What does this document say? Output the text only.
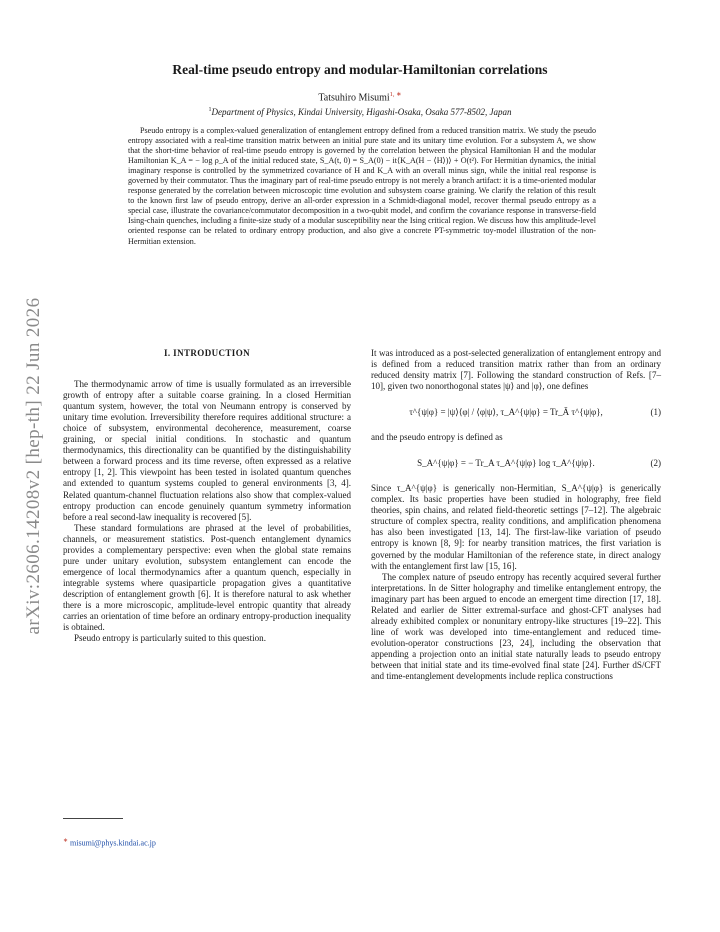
arXiv:2606.14208v2 [hep-th] 22 Jun 2026
Real-time pseudo entropy and modular-Hamiltonian correlations
Tatsuhiro Misumi$^{1, ∗}$
$^1$Department of Physics, Kindai University, Higashi-Osaka, Osaka 577-8502, Japan

Pseudo entropy is a complex-valued generalization of entanglement entropy defined from a reduced transition matrix. We study the pseudo entropy associated with a real-time transition matrix between an initial pure state and its unitary time evolution. For a subsystem A, we show that the short-time behavior of real-time pseudo entropy is governed by the correlation between the physical Hamiltonian H and the modular Hamiltonian K_A = − log ρ_A of the initial reduced state, S_A(t, 0) = S_A(0) − it⟨K_A(H − ⟨H⟩)⟩ + O(t²). For Hermitian dynamics, the initial imaginary response is controlled by the symmetrized covariance of H and K_A with an overall minus sign, while the initial real response is governed by their commutator. Thus the imaginary part of real-time pseudo entropy is not merely a branch artifact: it is a time-oriented modular response generated by the correlation between microscopic time evolution and subsystem coarse graining. We clarify the relation of this result to the known first law of pseudo entropy, derive an all-order expression in a Schmidt-diagonal model, recover thermal pseudo entropy as a special case, illustrate the covariance/commutator decomposition in a two-qubit model, and confirm the covariance response in transverse-field Ising-chain quenches, including a finite-size study of a modular susceptibility near the Ising critical region. We discuss how this amplitude-level oriented response can be related to ordinary entropy production, and also give a concrete PT-symmetric toy-model illustration of the non-Hermitian extension.

I. INTRODUCTION

The thermodynamic arrow of time is usually formulated as an irreversible growth of entropy after a suitable coarse graining. In a closed Hermitian quantum system, however, the total von Neumann entropy is conserved by unitary time evolution. Irreversibility therefore requires additional structure: a choice of subsystem, environmental decoherence, measurement, coarse graining, or special initial conditions. In stochastic and quantum thermodynamics, this directionality can be quantified by the distinguishability between a forward process and its time reverse, often expressed as a relative entropy [1, 2]. This viewpoint has been tested in isolated quantum quenches and extended to quantum systems coupled to general environments [3, 4]. Related quantum-channel fluctuation relations also show that complex-valued entropy production can encode genuinely quantum symmetry information before a real second-law inequality is recovered [5].

These standard formulations are phrased at the level of probabilities, channels, or measurement statistics. Post-quench entanglement dynamics provides a complementary perspective: even when the global state remains pure under unitary evolution, subsystem entanglement can encode the emergence of local thermodynamics after a quantum quench, especially in integrable systems where quasiparticle propagation gives a quantitative description of entanglement growth [6]. It is therefore natural to ask whether there is a more microscopic, amplitude-level entropic quantity that already carries an orientation of time before an ordinary entropy-production inequality is obtained.

Pseudo entropy is particularly suited to this question.

It was introduced as a post-selected generalization of entanglement entropy and is defined from a reduced transition matrix rather than from an ordinary reduced density matrix [7]. Following the standard construction of Refs. [7–10], given two nonorthogonal states |ψ⟩ and |φ⟩, one defines

τ^{ψ|φ} = |ψ⟩⟨φ| / ⟨φ|ψ⟩, τ_A^{ψ|φ} = Tr_Ā τ^{ψ|φ},	(1)

and the pseudo entropy is defined as

S_A^{ψ|φ} = − Tr_A τ_A^{ψ|φ} log τ_A^{ψ|φ}.	(2)

Since τ_A^{ψ|φ} is generically non-Hermitian, S_A^{ψ|φ} is generically complex. Its basic properties have been studied in holography, free field theories, spin chains, and related field-theoretic settings [7–12]. The algebraic structure of complex spectra, reality conditions, and amplification phenomena has also been investigated [13, 14]. The first-law-like variation of pseudo entropy is known [8, 9]: for nearby transition matrices, the first variation is governed by the modular Hamiltonian of the reference state, in direct analogy with the entanglement first law [15, 16].

The complex nature of pseudo entropy has recently acquired several further interpretations. In de Sitter holography and timelike entanglement entropy, the imaginary part has been argued to encode an emergent time direction [17, 18]. Related and earlier de Sitter extremal-surface and ghost-CFT analyses had already exhibited complex or nonunitary entropy-like structures [19–22]. This line of work was developed into time-entanglement and reduced time-evolution-operator constructions [23, 24], including the observation that appending a projection onto an initial state naturally leads to pseudo entropy between that initial state and its time-evolved final state [24]. Further dS/CFT and time-entanglement developments include replica constructions

∗ misumi@phys.kindai.ac.jp
